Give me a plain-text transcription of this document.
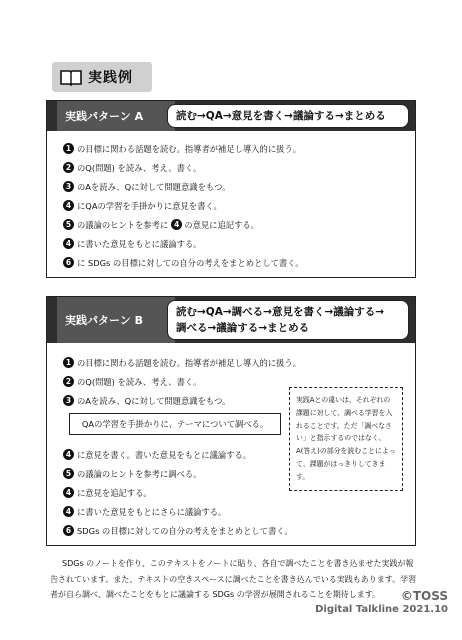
実践例
実践パターン A	読む→QA→意見を書く→議論する→まとめる
1 の目標に関わる話題を読む。指導者が補足し導入的に扱う。
2 のQ(問題) を読み、考え、書く。
3 のAを読み、Qに対して問題意識をもつ。
4 にQAの学習を手掛かりに意見を書く。
5 の議論のヒントを参考に 4 の意見に追記する。
4 に書いた意見をもとに議論する。
6 に SDGs の目標に対しての自分の考えをまとめとして書く。
実践パターン B
読む→QA→調べる→意見を書く→議論する→
調べる→議論する→まとめる
1 の目標に関わる話題を読む。指導者が補足し導入的に扱う。
2 のQ(問題) を読み、考え、書く。
3 のAを読み、Qに対して問題意識をもつ。
QAの学習を手掛かりに、テーマについて調べる。
実践Aとの違いは、それぞれの課題に対して、調べる学習を入れることです。ただ「調べなさい」と指示するのではなく、A(答え)の部分を読むことによって、課題がはっきりしてきます。
4 に意見を書く。書いた意見をもとに議論する。
5 の議論のヒントを参考に調べる。
4 に意見を追記する。
4 に書いた意見をもとにさらに議論する。
6 SDGs の目標に対しての自分の考えをまとめとして書く。

SDGs のノートを作り、このテキストをノートに貼り、各自で調べたことを書き込ませた実践が報告されています。また、テキストの空きスペースに調べたことを書き込んでいる実践もあります。学習者が自ら調べ、調べたことをもとに議論する SDGs の学習が展開されることを期待します。	©TOSS
Digital Talkline 2021.10
